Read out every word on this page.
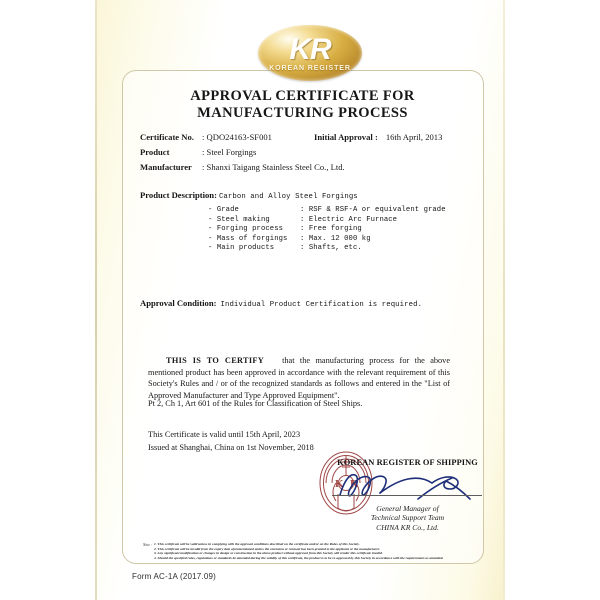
KR
KOREAN REGISTER
APPROVAL CERTIFICATE FOR
MANUFACTURING PROCESS
Certificate No.	: QDO24163-SF001	Initial Approval : 16th April, 2013
Product	: Steel Forgings
Manufacturer	: Shanxi Taigang Stainless Steel Co., Ltd.
Product Description: Carbon and Alloy Steel Forgings
- Grade	: RSF & RSF-A or equivalent grade
- Steel making	: Electric Arc Furnace
- Forging process	: Free forging
- Mass of forgings	: Max. 12 000 kg
- Main products	: Shafts, etc.
Approval Condition: Individual Product Certification is required.
THIS IS TO CERTIFY that the manufacturing process for the above mentioned product has been approved in accordance with the relevant requirement of this Society's Rules and / or of the recognized standards as follows and entered in the "List of Approved Manufacturer and Type Approved Equipment".
Pt 2, Ch 1, Art 601 of the Rules for Classification of Steel Ships.
This Certificate is valid until 15th April, 2023
Issued at Shanghai, China on 1st November, 2018
K R
KOREAN REGISTER OF SHIPPING
General Manager of
Technical Support Team
CHINA KR Co., Ltd.
Note : 1. This certificate will be valid unless in complying with the approval conditions described on the certificate and/or on the Rules of this Society.
2. This certificate will be invalid from the expiry date aforementioned unless the extension or renewal has been granted to the applicant or the manufacturer.
3. Any significant modification or changes in design or construction in the above product without approval from this Society will render this certificate invalid.
4. Should the specified rules, regulations or standards be amended during the validity of this certificate, the product is to be re-approved by this Society in accordance with the requirements as amended.
Form AC-1A (2017.09)
